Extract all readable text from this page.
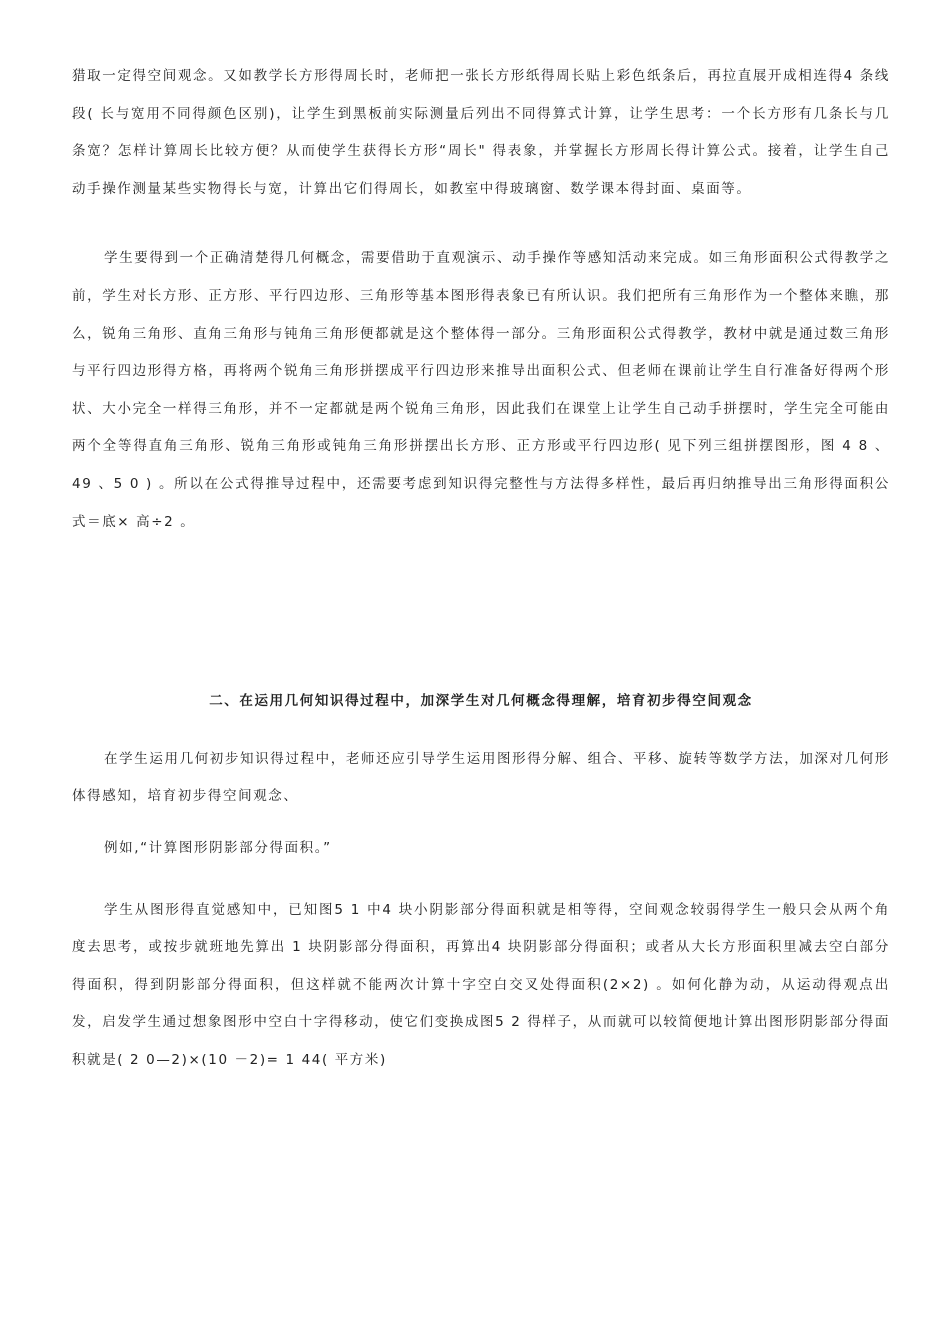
猎取一定得空间观念。又如教学长方形得周长时，老师把一张长方形纸得周长贴上彩色纸条后，再拉直展开成相连得4 条线段( 长与宽用不同得颜色区别)，让学生到黑板前实际测量后列出不同得算式计算，让学生思考：一个长方形有几条长与几条宽？怎样计算周长比较方便？从而使学生获得长方形“周长" 得表象，并掌握长方形周长得计算公式。接着，让学生自己动手操作测量某些实物得长与宽，计算出它们得周长，如教室中得玻璃窗、数学课本得封面、桌面等。

学生要得到一个正确清楚得几何概念，需要借助于直观演示、动手操作等感知活动来完成。如三角形面积公式得教学之前，学生对长方形、正方形、平行四边形、三角形等基本图形得表象已有所认识。我们把所有三角形作为一个整体来瞧，那么，锐角三角形、直角三角形与钝角三角形便都就是这个整体得一部分。三角形面积公式得教学，教材中就是通过数三角形与平行四边形得方格，再将两个锐角三角形拼摆成平行四边形来推导出面积公式、但老师在课前让学生自行准备好得两个形状、大小完全一样得三角形，并不一定都就是两个锐角三角形，因此我们在课堂上让学生自己动手拼摆时，学生完全可能由两个全等得直角三角形、锐角三角形或钝角三角形拼摆出长方形、正方形或平行四边形( 见下列三组拼摆图形，图 4 8 、49 、5 0 ) 。所以在公式得推导过程中，还需要考虑到知识得完整性与方法得多样性，最后再归纳推导出三角形得面积公式＝底× 高÷2 。

二、在运用几何知识得过程中，加深学生对几何概念得理解，培育初步得空间观念

在学生运用几何初步知识得过程中，老师还应引导学生运用图形得分解、组合、平移、旋转等数学方法，加深对几何形体得感知，培育初步得空间观念、

例如,“计算图形阴影部分得面积。”

学生从图形得直觉感知中，已知图5 1 中4 块小阴影部分得面积就是相等得，空间观念较弱得学生一般只会从两个角度去思考，或按步就班地先算出 1 块阴影部分得面积，再算出4 块阴影部分得面积；或者从大长方形面积里减去空白部分得面积，得到阴影部分得面积，但这样就不能两次计算十字空白交叉处得面积(2×2) 。如何化静为动，从运动得观点出发，启发学生通过想象图形中空白十字得移动，使它们变换成图5 2 得样子，从而就可以较简便地计算出图形阴影部分得面积就是( 2 0—2)×(10 －2)= 1 44( 平方米)
